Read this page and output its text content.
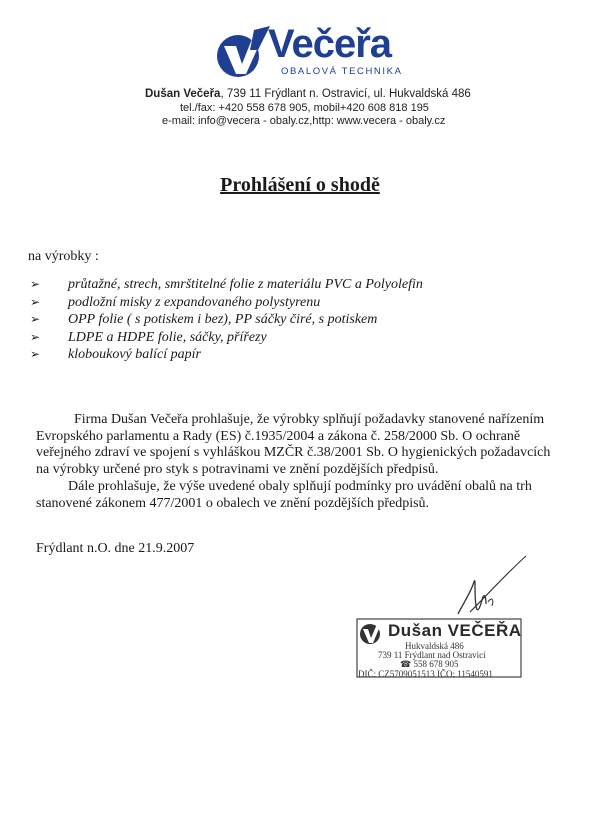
Večeřa
OBALOVÁ TECHNIKA
Dušan Večeřa, 739 11 Frýdlant n. Ostravicí, ul. Hukvaldská 486
tel./fax: +420 558 678 905, mobil+420 608 818 195
e-mail: info@vecera - obaly.cz,http: www.vecera - obaly.cz
Prohlášení o shodě
na výrobky :
➢ průtažné, strech, smrštitelné folie z materiálu PVC a Polyolefin
➢ podložní misky z expandovaného polystyrenu
➢ OPP folie ( s potiskem i bez), PP sáčky čiré, s potiskem
➢ LDPE a HDPE folie, sáčky, přířezy
➢ kloboukový balící papír

Firma Dušan Večeřa prohlašuje, že výrobky splňují požadavky stanovené nařízením

Evropského parlamentu a Rady (ES) č.1935/2004 a zákona č. 258/2000 Sb. O ochraně

veřejného zdraví ve spojení s vyhláškou MZČR č.38/2001 Sb. O hygienických požadavcích

na výrobky určené pro styk s potravinami ve znění pozdějších předpisů.

Dále prohlašuje, že výše uvedené obaly splňují podmínky pro uvádění obalů na trh

stanovené zákonem 477/2001 o obalech ve znění pozdějších předpisů.

Frýdlant n.O. dne 21.9.2007
Dušan VEČEŘA
Hukvaldská 486
739 11 Frýdlant nad Ostravicí
☎ 558 678 905
DIČ: CZ5709051513 IČO: 11540591
